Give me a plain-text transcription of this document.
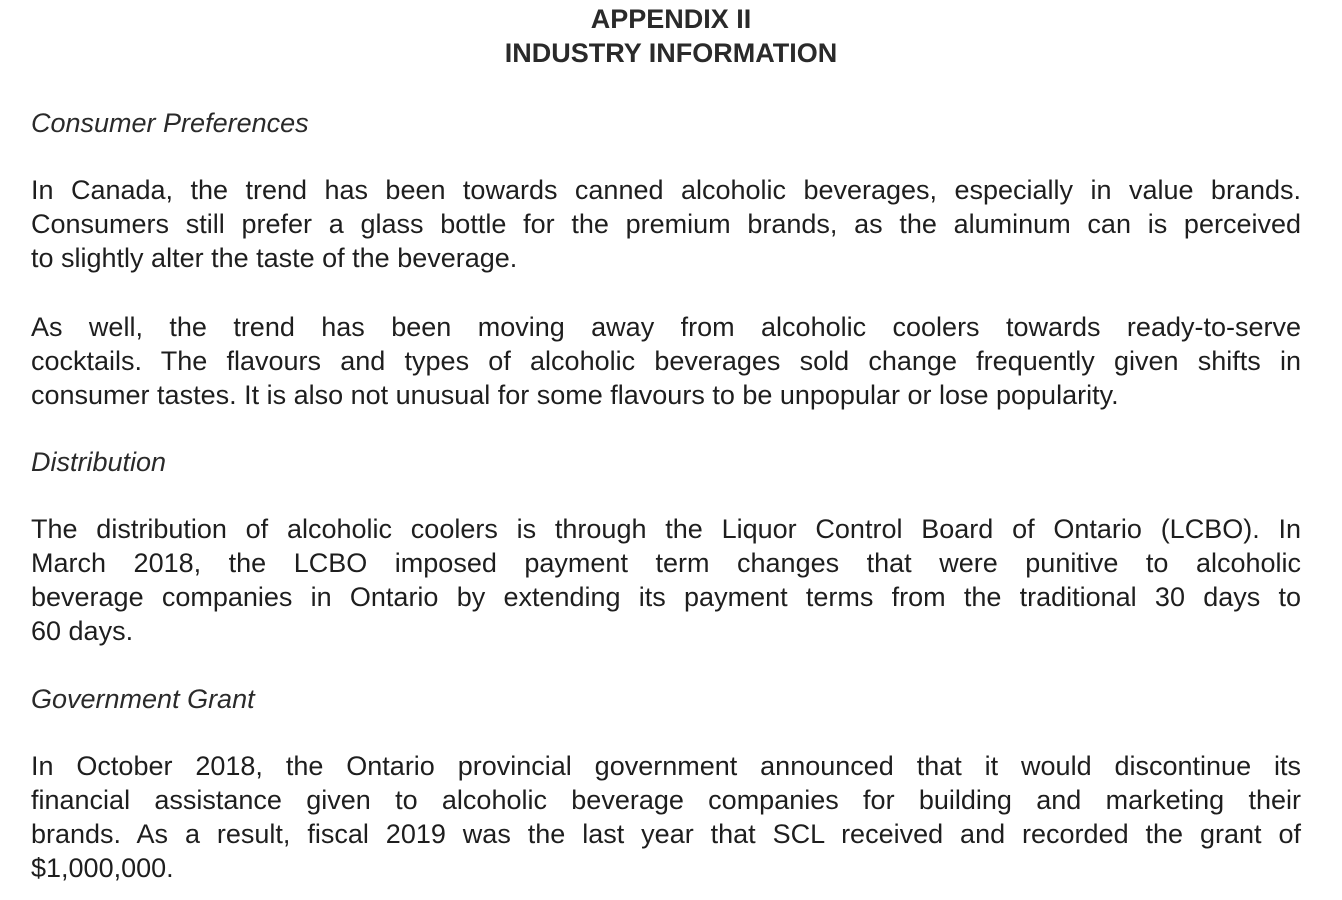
APPENDIX II
INDUSTRY INFORMATION
Consumer Preferences
In Canada, the trend has been towards canned alcoholic beverages, especially in value brands.
Consumers still prefer a glass bottle for the premium brands, as the aluminum can is perceived
to slightly alter the taste of the beverage.
As well, the trend has been moving away from alcoholic coolers towards ready-to-serve
cocktails. The flavours and types of alcoholic beverages sold change frequently given shifts in
consumer tastes. It is also not unusual for some flavours to be unpopular or lose popularity.
Distribution
The distribution of alcoholic coolers is through the Liquor Control Board of Ontario (LCBO). In
March 2018, the LCBO imposed payment term changes that were punitive to alcoholic
beverage companies in Ontario by extending its payment terms from the traditional 30 days to
60 days.
Government Grant
In October 2018, the Ontario provincial government announced that it would discontinue its
financial assistance given to alcoholic beverage companies for building and marketing their
brands. As a result, fiscal 2019 was the last year that SCL received and recorded the grant of
$1,000,000.
